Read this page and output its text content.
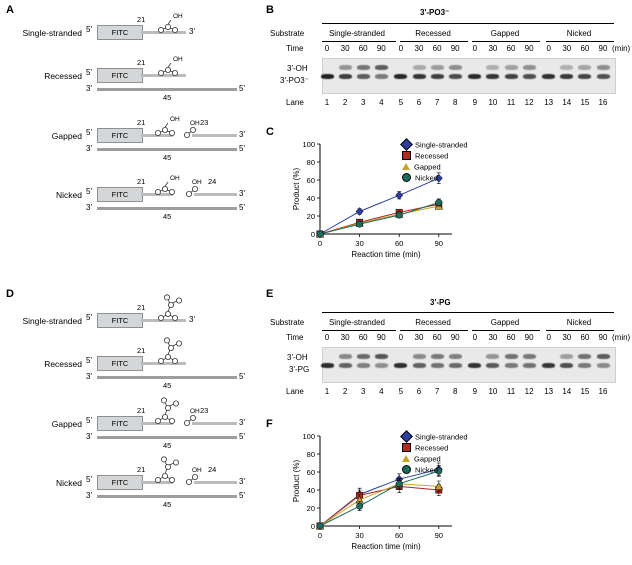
A
Single-stranded 5'	FITC
21	OH
3'
Recessed 5'	FITC
21	OH
3'	5'
45
Gapped 5'	FITC
21	OH	23
OH
3'
3'	5'
45
Nicked 5'	FITC
21	OH	24
OH
3'
3'	5'
45
B	3'-PO3⁻
Substrate	Single-stranded	Recessed	Gapped	Nicked
Time	0	30	60	90	0	30	60	90	0	30	60	90	0	30	60	90 (min)
3'-OH
3'-PO3⁻
Lane	1	2	3	4	5	6	7	8	9	10	11	12	13	14	15	16
C
0
20
40
60
80
100
0	30	60	90
Reaction time (min)
Product (%)
Single-stranded
Recessed
Gapped
Nicked
D
Single-stranded 5'	FITC
21
3'
Recessed 5'	FITC
21
3'	5'
45
Gapped 5'	FITC
21	23
OH
3'
3'	5'
45
Nicked 5'	FITC
21	24
OH
3'
3'	5'
45
E
3'-PG
Substrate	Single-stranded	Recessed	Gapped	Nicked
Time	0	30	60	90	0	30	60	90	0	30	60	90	0	30	60	90 (min)
3'-OH
3'-PG
Lane	1	2	3	4	5	6	7	8	9	10	11	12	13	14	15	16
F
0
20
40
60
80
100
0	30	60	90
Reaction time (min)
Product (%)
Single-stranded
Recessed
Gapped
Nicked
